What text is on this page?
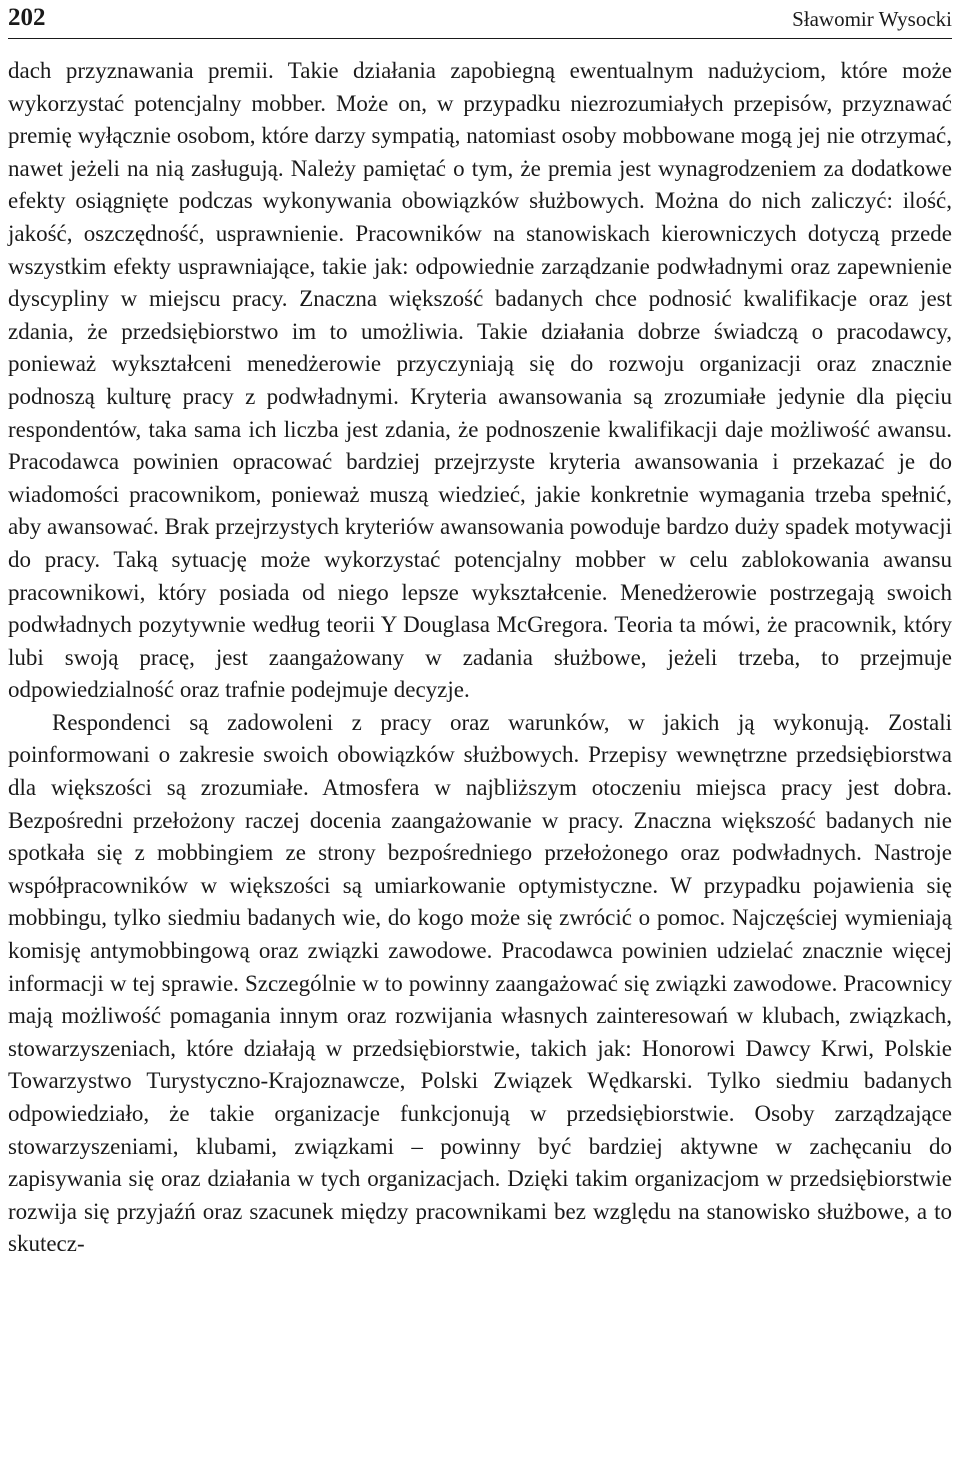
202	Sławomir Wysocki

dach przyznawania premii. Takie działania zapobiegną ewentualnym nadużyciom, które może wykorzystać potencjalny mobber. Może on, w przypadku niezrozumiałych przepisów, przyznawać premię wyłącznie osobom, które darzy sympatią, natomiast osoby mobbowane mogą jej nie otrzymać, nawet jeżeli na nią zasługują. Należy pamiętać o tym, że premia jest wynagrodzeniem za dodatkowe efekty osiągnięte podczas wykonywania obowiązków służbowych. Można do nich zaliczyć: ilość, jakość, oszczędność, usprawnienie. Pracowników na stanowiskach kierowniczych dotyczą przede wszystkim efekty usprawniające, takie jak: odpowiednie zarządzanie podwładnymi oraz zapewnienie dyscypliny w miejscu pracy. Znaczna większość badanych chce podnosić kwalifikacje oraz jest zdania, że przedsiębiorstwo im to umożliwia. Takie działania dobrze świadczą o pracodawcy, ponieważ wykształceni menedżerowie przyczyniają się do rozwoju organizacji oraz znacznie podnoszą kulturę pracy z podwładnymi. Kryteria awansowania są zrozumiałe jedynie dla pięciu respondentów, taka sama ich liczba jest zdania, że podnoszenie kwalifikacji daje możliwość awansu. Pracodawca powinien opracować bardziej przejrzyste kryteria awansowania i przekazać je do wiadomości pracownikom, ponieważ muszą wiedzieć, jakie konkretnie wymagania trzeba spełnić, aby awansować. Brak przejrzystych kryteriów awansowania powoduje bardzo duży spadek motywacji do pracy. Taką sytuację może wykorzystać potencjalny mobber w celu zablokowania awansu pracownikowi, który posiada od niego lepsze wykształcenie. Menedżerowie postrzegają swoich podwładnych pozytywnie według teorii Y Douglasa McGregora. Teoria ta mówi, że pracownik, który lubi swoją pracę, jest zaangażowany w zadania służbowe, jeżeli trzeba, to przejmuje odpowiedzialność oraz trafnie podejmuje decyzje.

Respondenci są zadowoleni z pracy oraz warunków, w jakich ją wykonują. Zostali poinformowani o zakresie swoich obowiązków służbowych. Przepisy wewnętrzne przedsiębiorstwa dla większości są zrozumiałe. Atmosfera w najbliższym otoczeniu miejsca pracy jest dobra. Bezpośredni przełożony raczej docenia zaangażowanie w pracy. Znaczna większość badanych nie spotkała się z mobbingiem ze strony bezpośredniego przełożonego oraz podwładnych. Nastroje współpracowników w większości są umiarkowanie optymistyczne. W przypadku pojawienia się mobbingu, tylko siedmiu badanych wie, do kogo może się zwrócić o pomoc. Najczęściej wymieniają komisję antymobbingową oraz związki zawodowe. Pracodawca powinien udzielać znacznie więcej informacji w tej sprawie. Szczególnie w to powinny zaangażować się związki zawodowe. Pracownicy mają możliwość pomagania innym oraz rozwijania własnych zainteresowań w klubach, związkach, stowarzyszeniach, które działają w przedsiębiorstwie, takich jak: Honorowi Dawcy Krwi, Polskie Towarzystwo Turystyczno-Krajoznawcze, Polski Związek Wędkarski. Tylko siedmiu badanych odpowiedziało, że takie organizacje funkcjonują w przedsiębiorstwie. Osoby zarządzające stowarzyszeniami, klubami, związkami – powinny być bardziej aktywne w zachęcaniu do zapisywania się oraz działania w tych organizacjach. Dzięki takim organizacjom w przedsiębiorstwie rozwija się przyjaźń oraz szacunek między pracownikami bez względu na stanowisko służbowe, a to skutecz-
